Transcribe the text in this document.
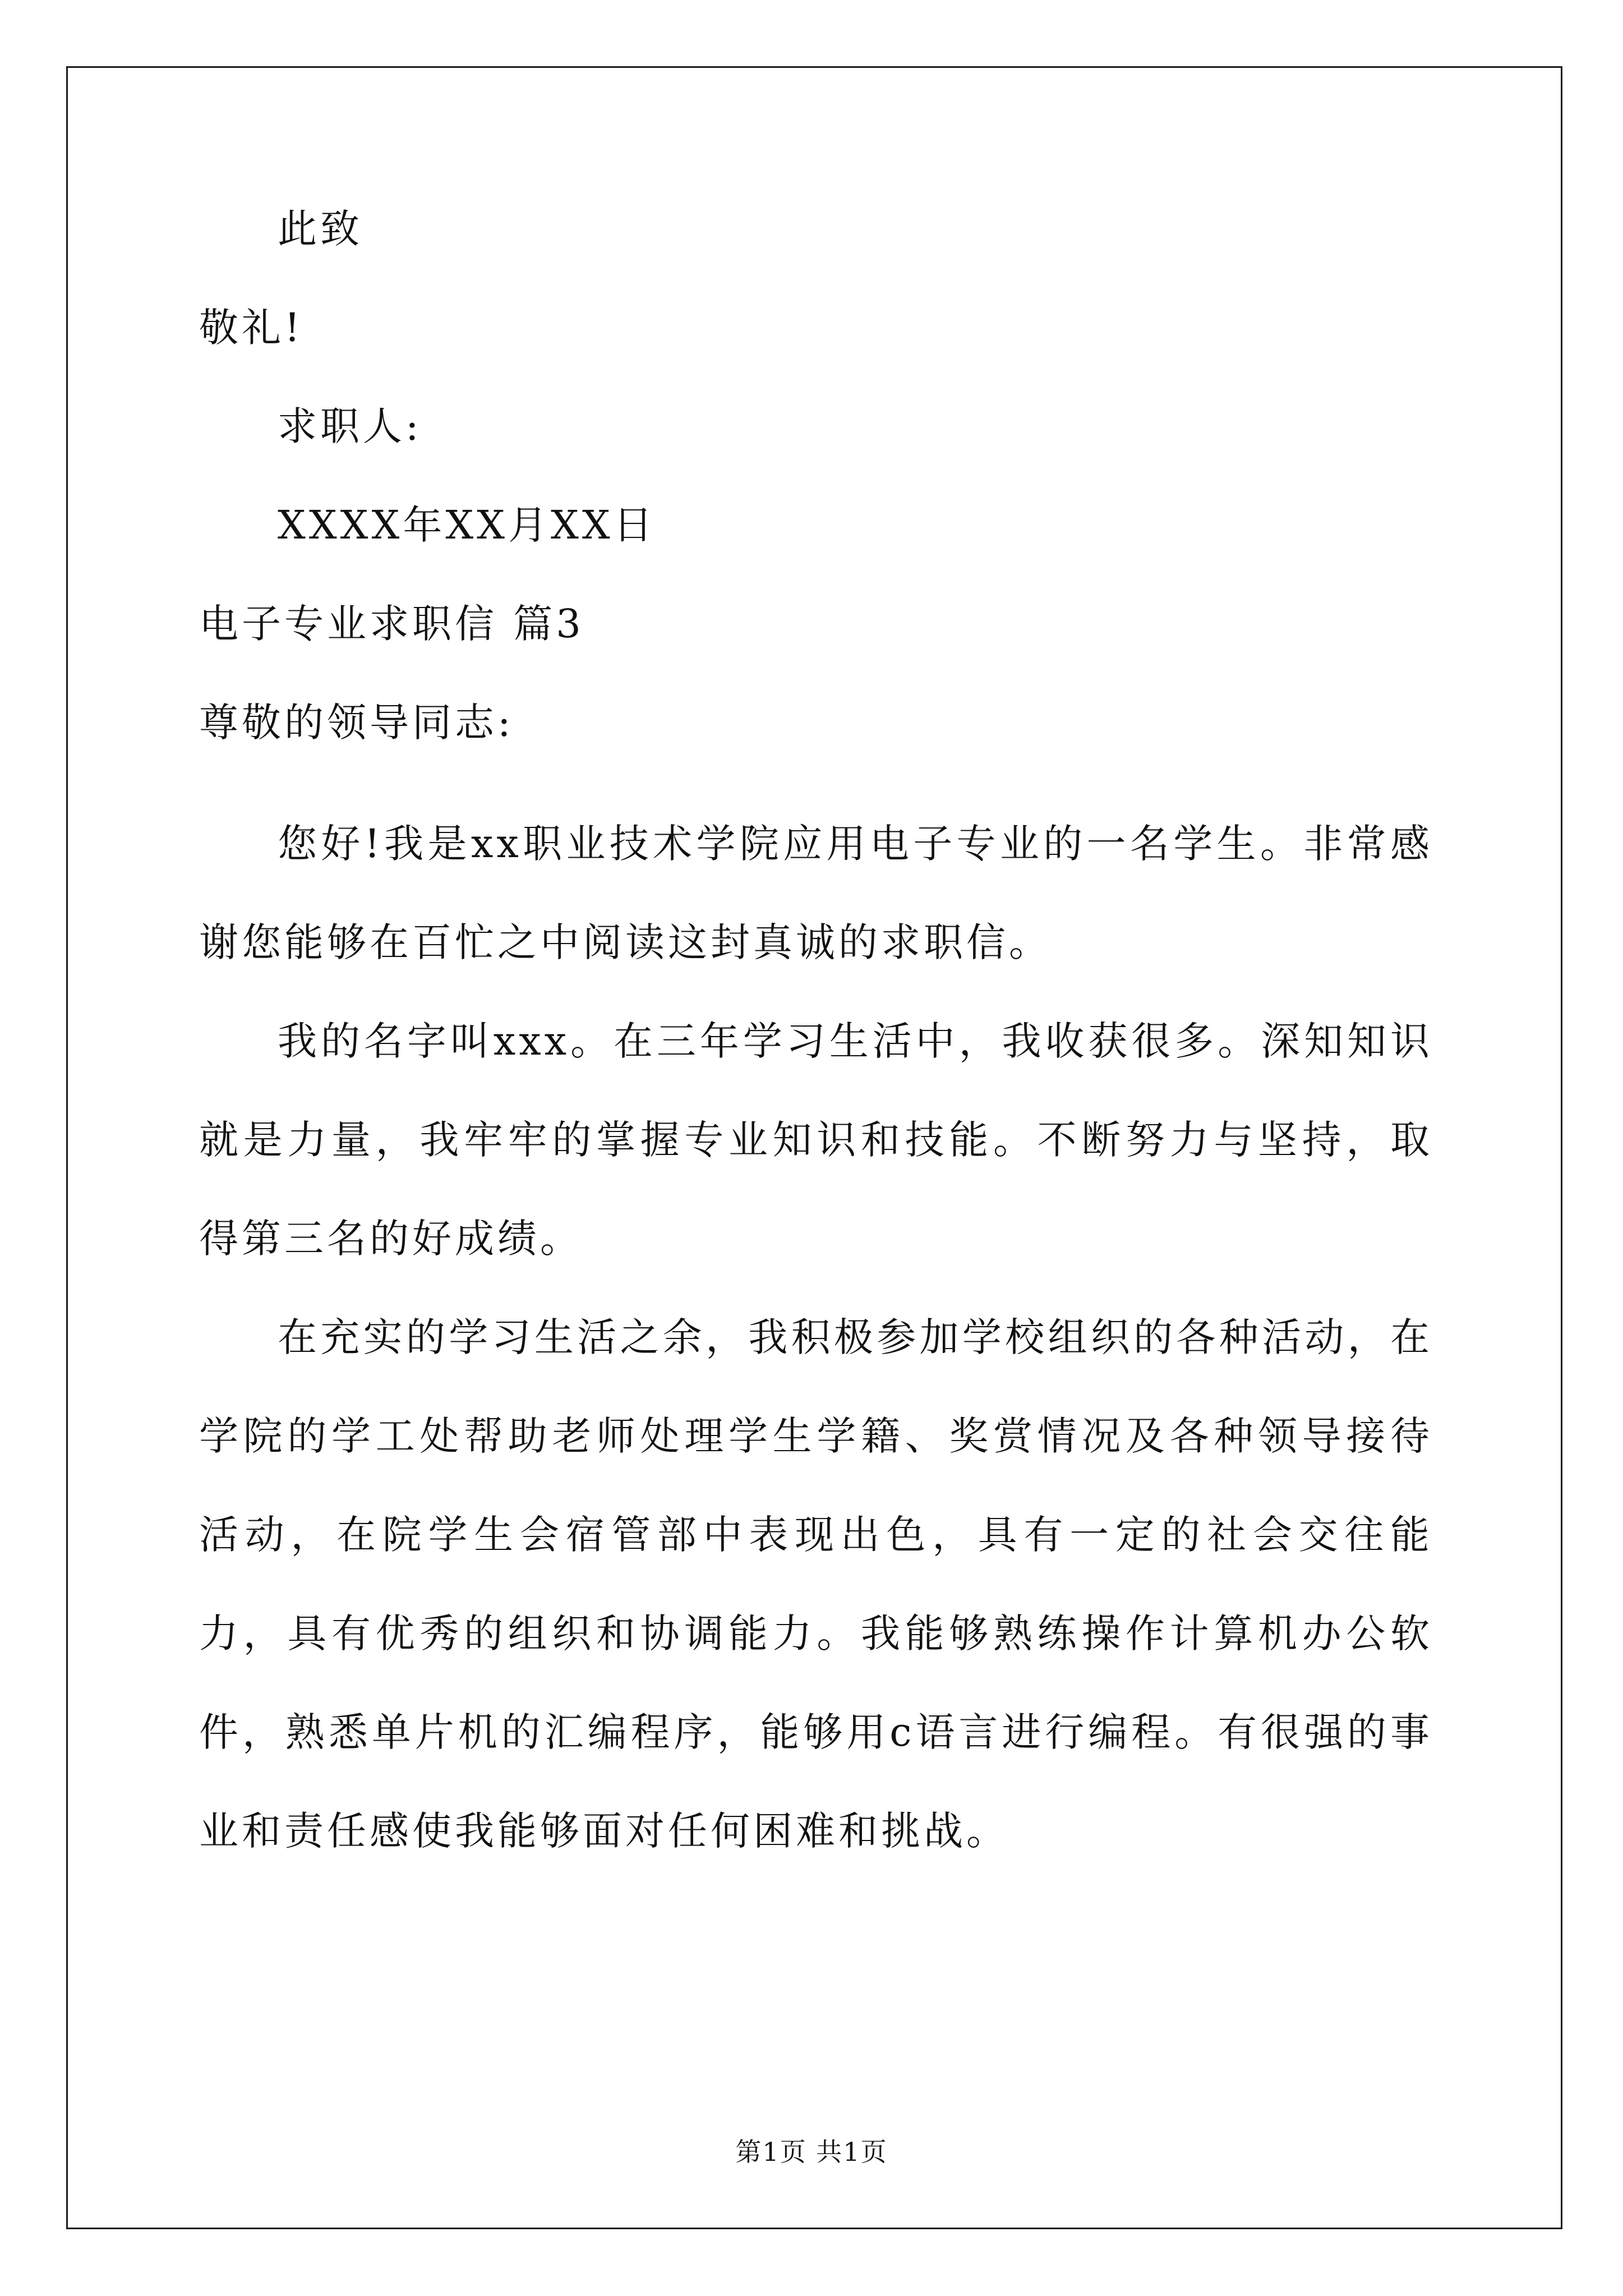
此致

敬礼!

求职人:

XXXX年XX月XX日

电子专业求职信 篇3

尊敬的领导同志:

您好!我是xx职业技术学院应用电子专业的一名学生。非常感谢您能够在百忙之中阅读这封真诚的求职信。

我的名字叫xxx。在三年学习生活中，我收获很多。深知知识就是力量，我牢牢的掌握专业知识和技能。不断努力与坚持，取得第三名的好成绩。

在充实的学习生活之余，我积极参加学校组织的各种活动，在学院的学工处帮助老师处理学生学籍、奖赏情况及各种领导接待活动，在院学生会宿管部中表现出色，具有一定的社会交往能力，具有优秀的组织和协调能力。我能够熟练操作计算机办公软件，熟悉单片机的汇编程序，能够用c语言进行编程。有很强的事业和责任感使我能够面对任何困难和挑战。

第1页 共1页
